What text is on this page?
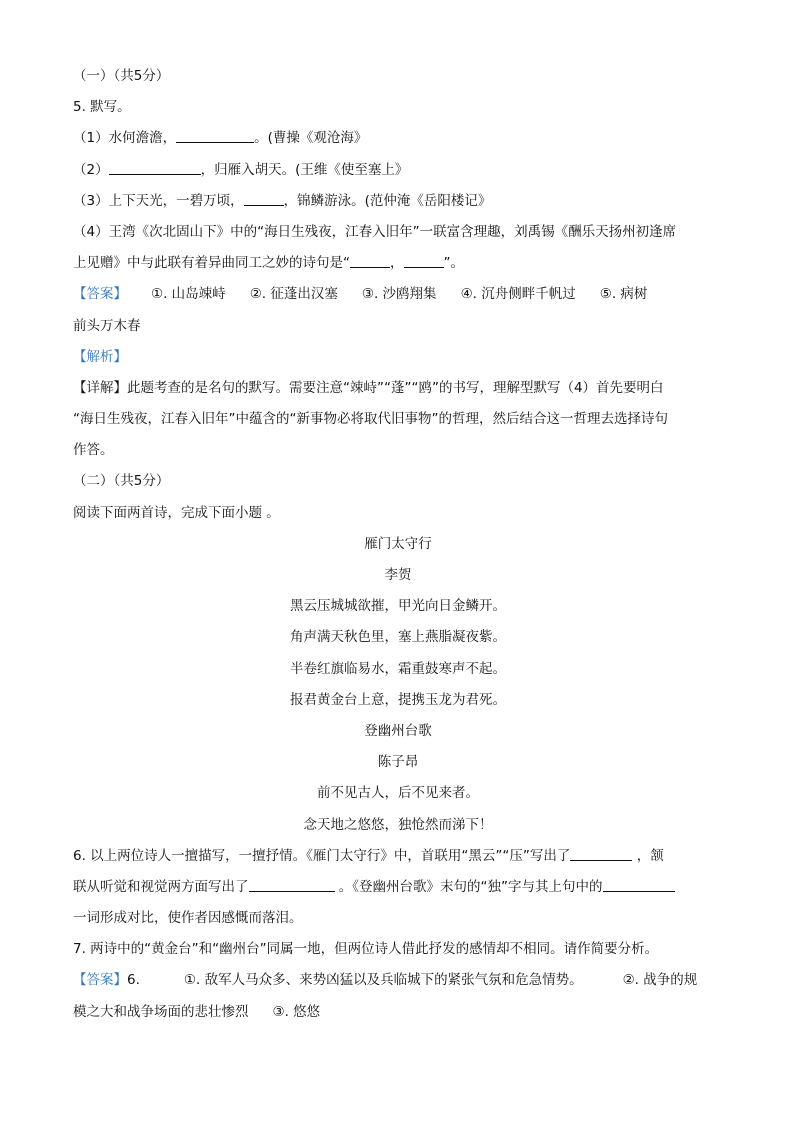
（一）（共5分）
5. 默写。
（1）水何澹澹，	。(曹操《观沧海》
（2）	，归雁入胡天。(王维《使至塞上》
（3）上下天光，一碧万顷，	，锦鳞游泳。(范仲淹《岳阳楼记》
（4）王湾《次北固山下》中的“海日生残夜，江春入旧年”一联富含理趣，刘禹锡《酬乐天扬州初逢席
上见赠》中与此联有着异曲同工之妙的诗句是“	，	”。
【答案】 ①. 山岛竦峙 ②. 征蓬出汉塞 ③. 沙鸥翔集 ④. 沉舟侧畔千帆过 ⑤. 病树
前头万木春
【解析】
【详解】此题考查的是名句的默写。需要注意“竦峙”“蓬”“鸥”的书写，理解型默写（4）首先要明白
“海日生残夜，江春入旧年”中蕴含的“新事物必将取代旧事物”的哲理，然后结合这一哲理去选择诗句
作答。
（二）（共5分）
阅读下面两首诗，完成下面小题 。
雁门太守行
李贺
黑云压城城欲摧，甲光向日金鳞开。
角声满天秋色里，塞上燕脂凝夜紫。
半卷红旗临易水，霜重鼓寒声不起。
报君黄金台上意，提携玉龙为君死。
登幽州台歌
陈子昂
前不见古人，后不见来者。
念天地之悠悠，独怆然而涕下！
6. 以上两位诗人一擅描写，一擅抒情。《雁门太守行》中，首联用“黑云”“压”写出了	，颔
联从听觉和视觉两方面写出了	。《登幽州台歌》末句的“独”字与其上句中的
一词形成对比，使作者因感慨而落泪。
7. 两诗中的“黄金台”和“幽州台”同属一地，但两位诗人借此抒发的感情却不相同。请作简要分析。
【答案】6.	①. 敌军人马众多、来势凶猛以及兵临城下的紧张气氛和危急情势。	②. 战争的规
模之大和战争场面的悲壮惨烈 ③. 悠悠
